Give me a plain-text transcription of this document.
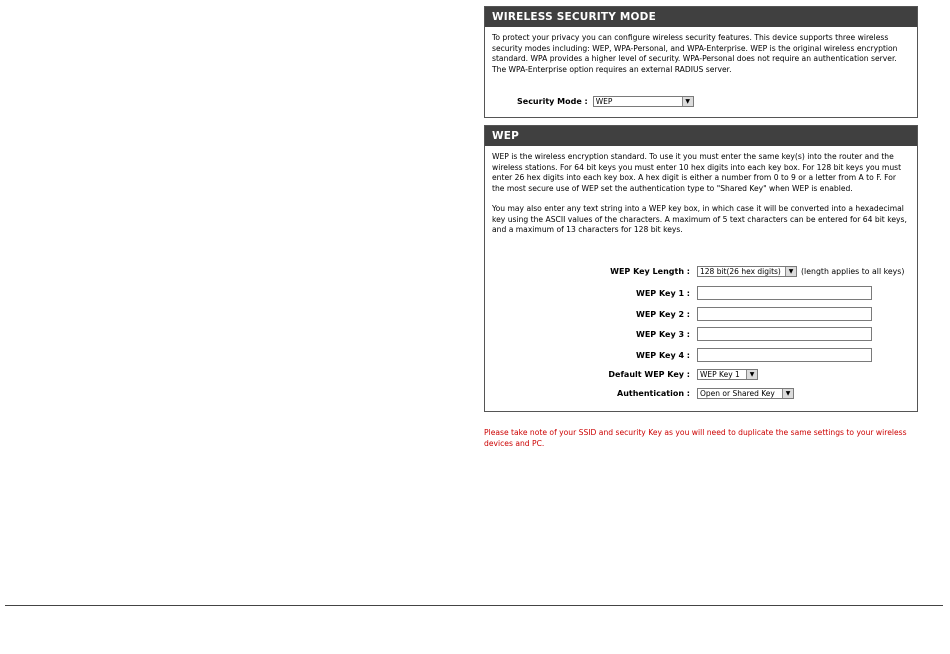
WIRELESS SECURITY MODE

To protect your privacy you can configure wireless security features. This device supports three wireless security modes including: WEP, WPA-Personal, and WPA-Enterprise. WEP is the original wireless encryption standard. WPA provides a higher level of security. WPA-Personal does not require an authentication server. The WPA-Enterprise option requires an external RADIUS server.

Security Mode : WEP	▼
WEP

WEP is the wireless encryption standard. To use it you must enter the same key(s) into the router and the wireless stations. For 64 bit keys you must enter 10 hex digits into each key box. For 128 bit keys you must enter 26 hex digits into each key box. A hex digit is either a number from 0 to 9 or a letter from A to F. For the most secure use of WEP set the authentication type to "Shared Key" when WEP is enabled.

You may also enter any text string into a WEP key box, in which case it will be converted into a hexadecimal key using the ASCII values of the characters. A maximum of 5 text characters can be entered for 64 bit keys, and a maximum of 13 characters for 128 bit keys.

WEP Key Length : 128 bit(26 hex digits)	▼ (length applies to all keys)
WEP Key 1 :
WEP Key 2 :
WEP Key 3 :
WEP Key 4 :
Default WEP Key : WEP Key 1	▼
Authentication : Open or Shared Key	▼
Please take note of your SSID and security Key as you will need to duplicate the same settings to your wireless devices and PC.
